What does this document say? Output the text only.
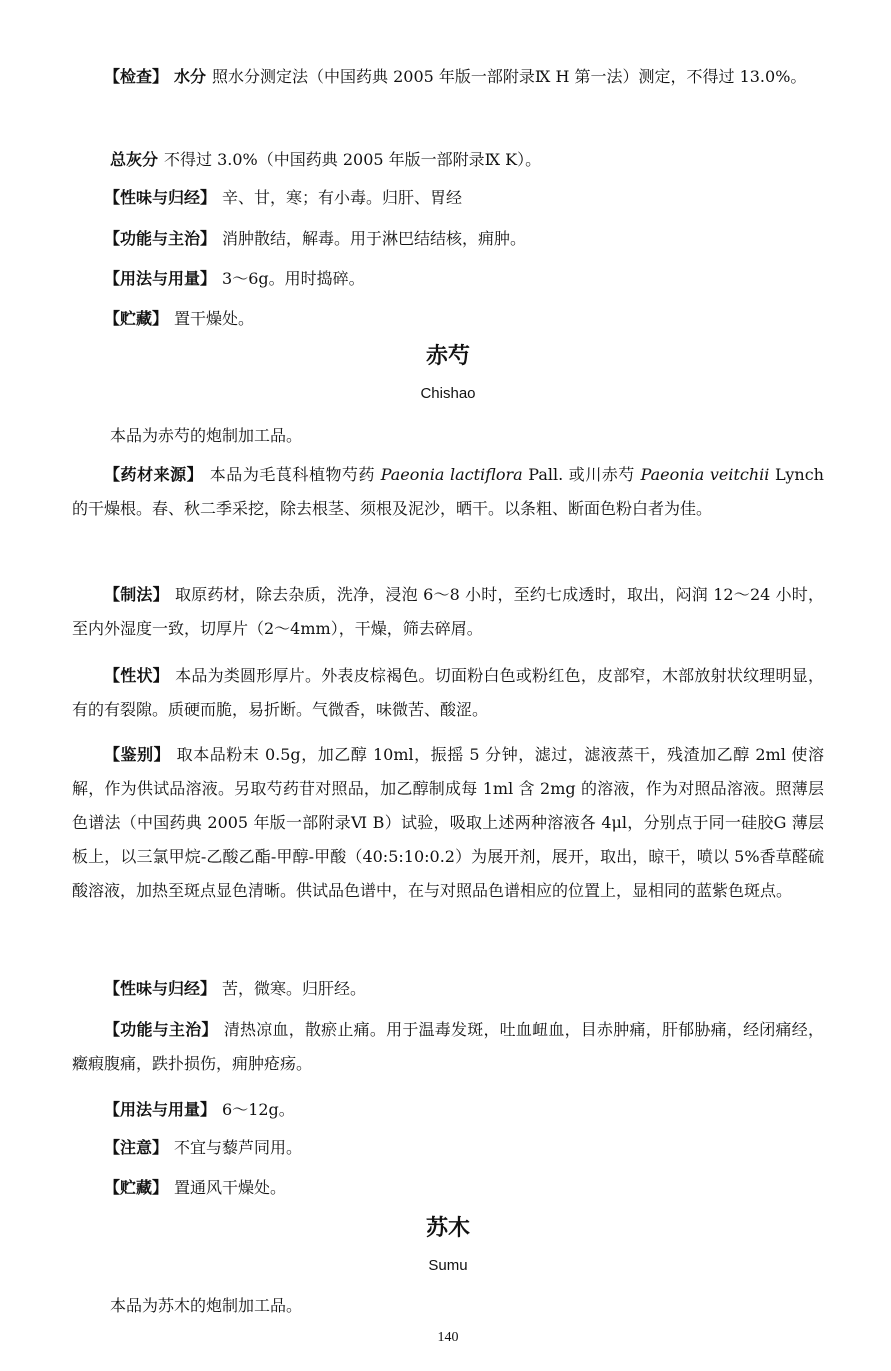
【检查】 水分 照水分测定法（中国药典 2005 年版一部附录Ⅸ H 第一法）测定，不得过 13.0%。

总灰分 不得过 3.0%（中国药典 2005 年版一部附录Ⅸ K）。

【性味与归经】 辛、甘，寒；有小毒。归肝、胃经

【功能与主治】 消肿散结，解毒。用于淋巴结结核，痈肿。

【用法与用量】 3～6g。用时捣碎。

【贮藏】 置干燥处。

赤芍
Chishao

本品为赤芍的炮制加工品。

【药材来源】 本品为毛茛科植物芍药 Paeonia lactiflora Pall. 或川赤芍 Paeonia veitchii Lynch 的干燥根。春、秋二季采挖，除去根茎、须根及泥沙，晒干。以条粗、断面色粉白者为佳。

【制法】 取原药材，除去杂质，洗净，浸泡 6～8 小时，至约七成透时，取出，闷润 12～24 小时，至内外湿度一致，切厚片（2～4mm），干燥，筛去碎屑。

【性状】 本品为类圆形厚片。外表皮棕褐色。切面粉白色或粉红色，皮部窄，木部放射状纹理明显，有的有裂隙。质硬而脆，易折断。气微香，味微苦、酸涩。

【鉴别】 取本品粉末 0.5g，加乙醇 10ml，振摇 5 分钟，滤过，滤液蒸干，残渣加乙醇 2ml 使溶解，作为供试品溶液。另取芍药苷对照品，加乙醇制成每 1ml 含 2mg 的溶液，作为对照品溶液。照薄层色谱法（中国药典 2005 年版一部附录Ⅵ B）试验，吸取上述两种溶液各 4μl，分别点于同一硅胶G 薄层板上，以三氯甲烷-乙酸乙酯-甲醇-甲酸（40:5:10:0.2）为展开剂，展开，取出，晾干，喷以 5%香草醛硫酸溶液，加热至斑点显色清晰。供试品色谱中，在与对照品色谱相应的位置上，显相同的蓝紫色斑点。

【性味与归经】 苦，微寒。归肝经。

【功能与主治】 清热凉血，散瘀止痛。用于温毒发斑，吐血衄血，目赤肿痛，肝郁胁痛，经闭痛经，癥瘕腹痛，跌扑损伤，痈肿疮疡。

【用法与用量】 6～12g。

【注意】 不宜与藜芦同用。

【贮藏】 置通风干燥处。

苏木
Sumu

本品为苏木的炮制加工品。

140
